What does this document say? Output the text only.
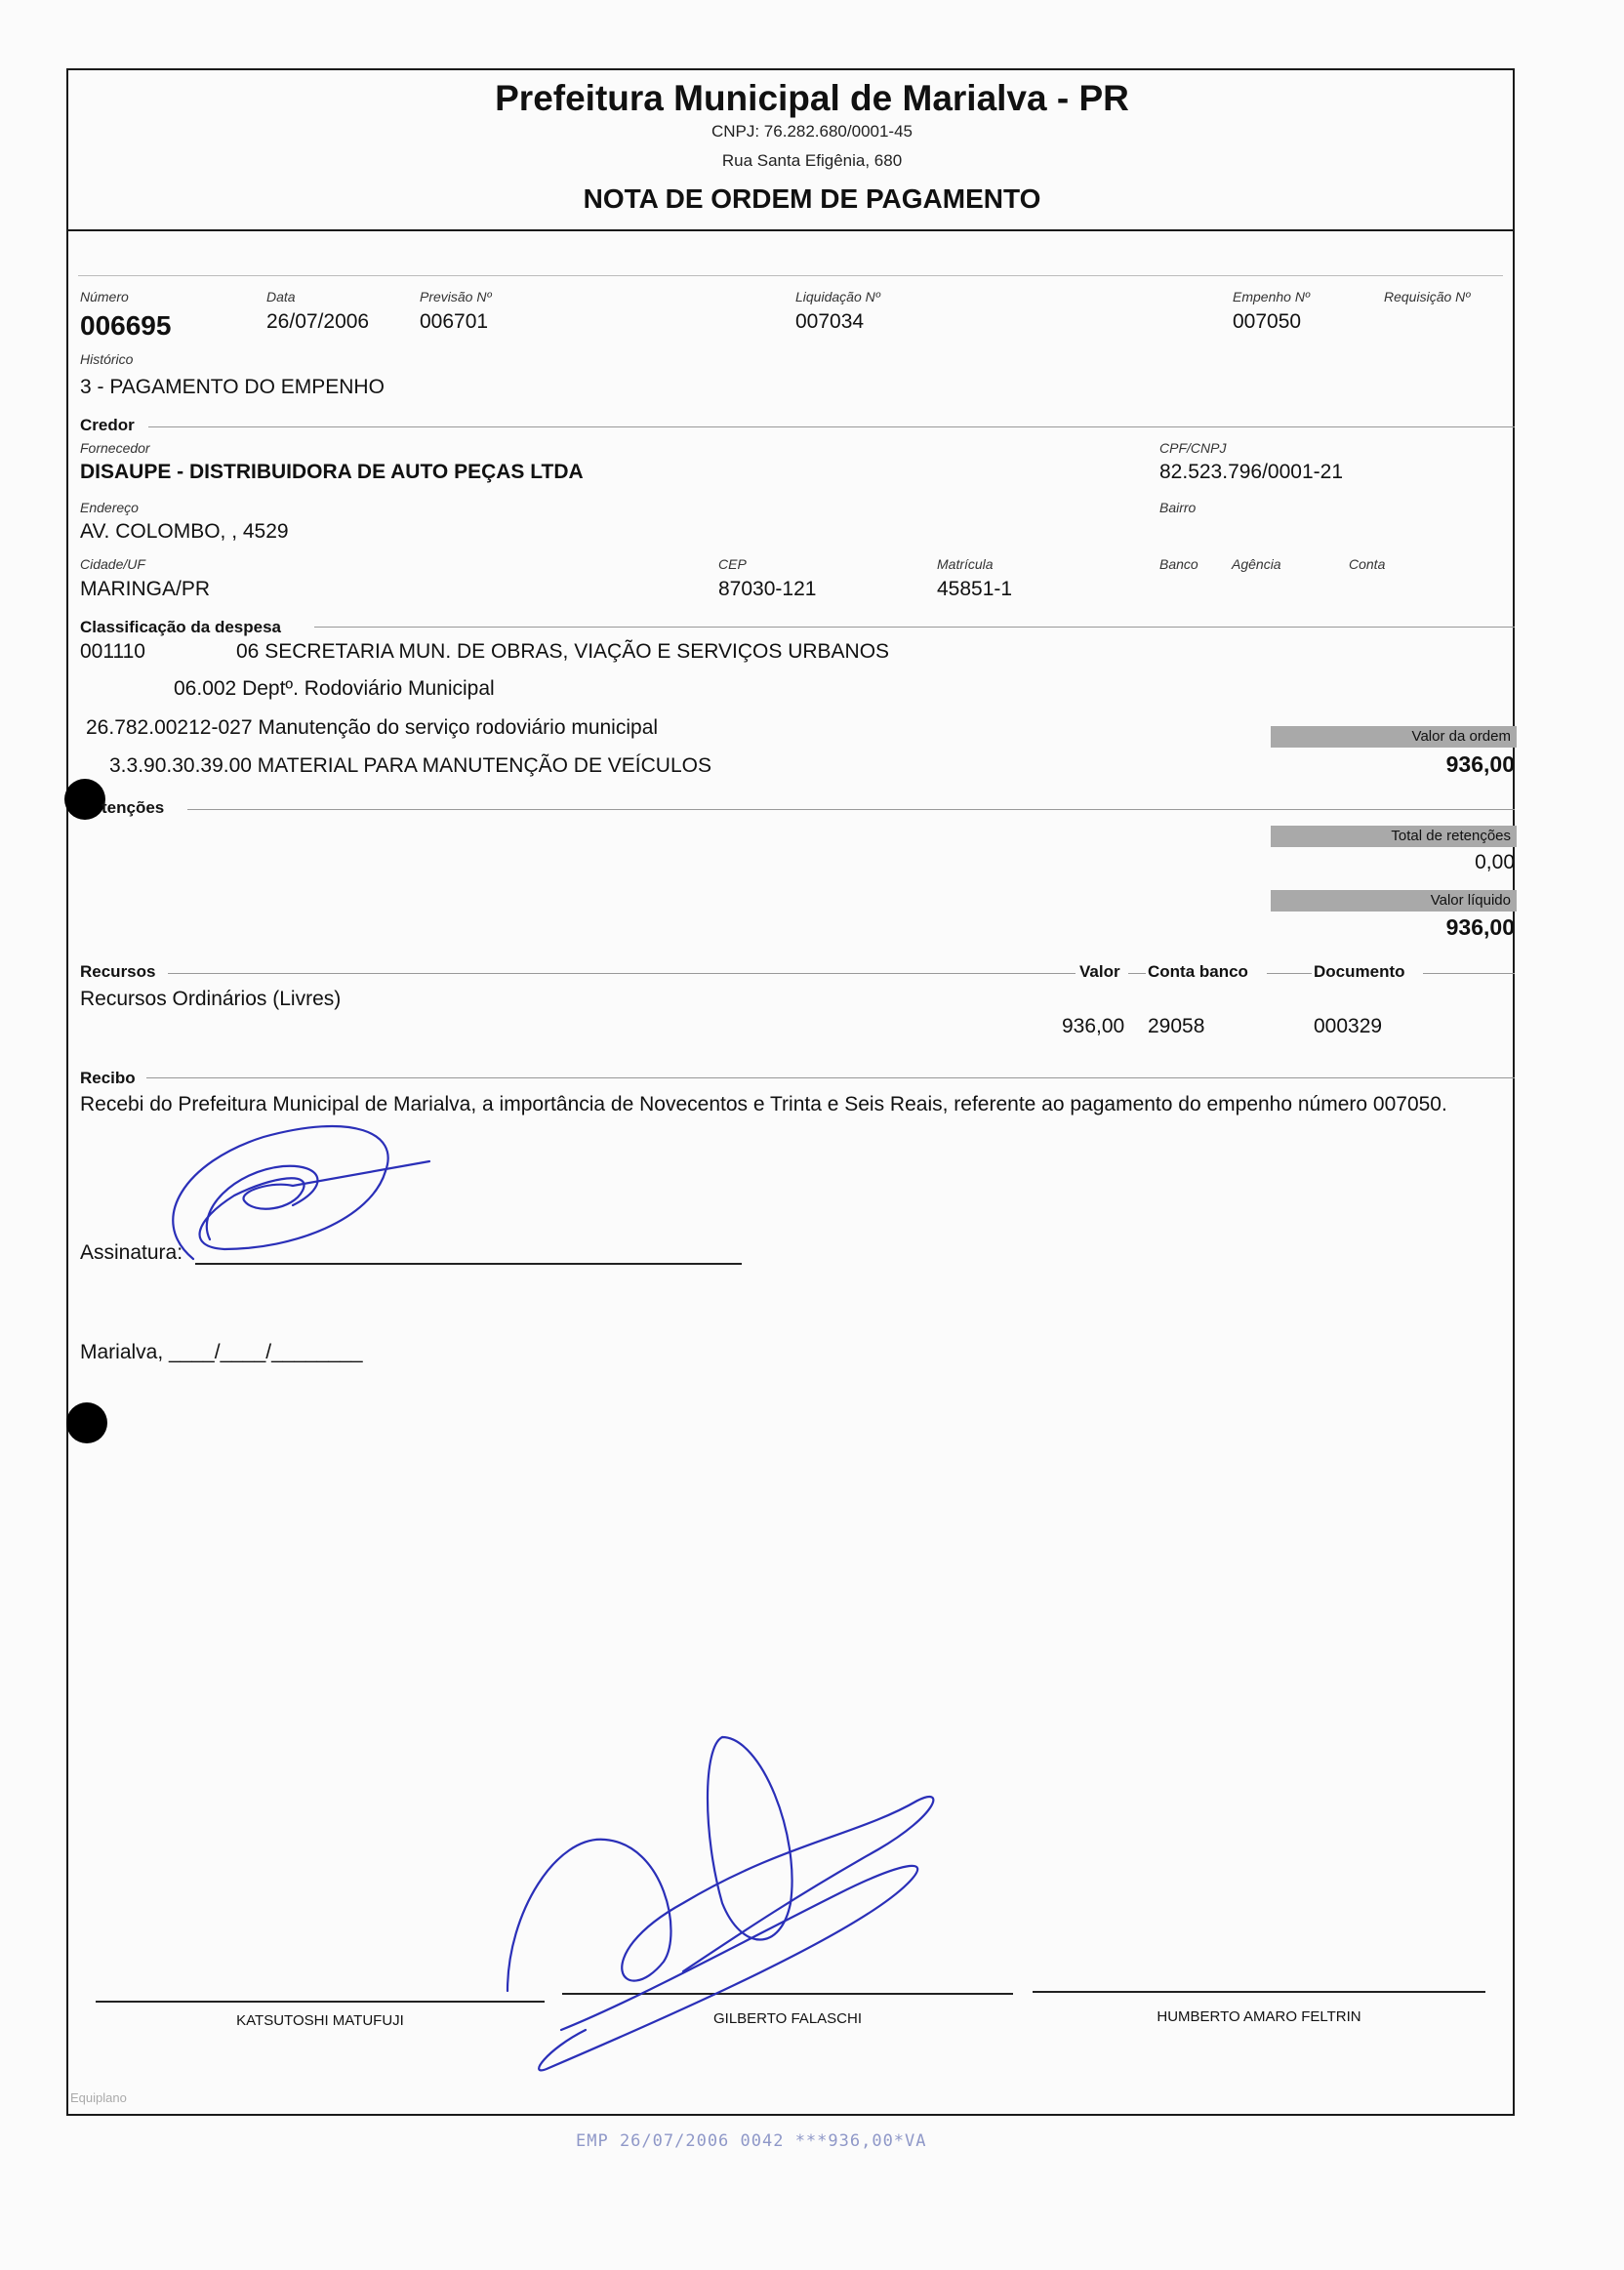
Prefeitura Municipal de Marialva - PR
CNPJ: 76.282.680/0001-45
Rua Santa Efigênia, 680
NOTA DE ORDEM DE PAGAMENTO
Número
006695
Data
26/07/2006
Previsão Nº
006701
Liquidação Nº
007034
Empenho Nº
007050
Requisição Nº
Histórico
3 - PAGAMENTO DO EMPENHO
Credor
Fornecedor
DISAUPE - DISTRIBUIDORA DE AUTO PEÇAS LTDA
CPF/CNPJ
82.523.796/0001-21
Endereço
AV. COLOMBO, , 4529
Bairro
Cidade/UF
MARINGA/PR
CEP
87030-121
Matrícula
45851-1
Banco Agência	Conta
Classificação da despesa
001110	06 SECRETARIA MUN. DE OBRAS, VIAÇÃO E SERVIÇOS URBANOS
06.002 Deptº. Rodoviário Municipal
26.782.00212-027 Manutenção do serviço rodoviário municipal
3.3.90.30.39.00 MATERIAL PARA MANUTENÇÃO DE VEÍCULOS
Valor da ordem
936,00
tenções
Total de retenções
0,00
Valor líquido
936,00
Recursos	Valor Conta banco	Documento
Recursos Ordinários (Livres)
936,00 29058	000329
Recibo
Recebi do Prefeitura Municipal de Marialva, a importância de Novecentos e Trinta e Seis Reais, referente ao pagamento do empenho número 007050.
Assinatura:
Marialva, ____/____/________
KATSUTOSHI MATUFUJI	GILBERTO FALASCHI	HUMBERTO AMARO FELTRIN
Equiplano
EMP 26/07/2006 0042 ***936,00*VA
